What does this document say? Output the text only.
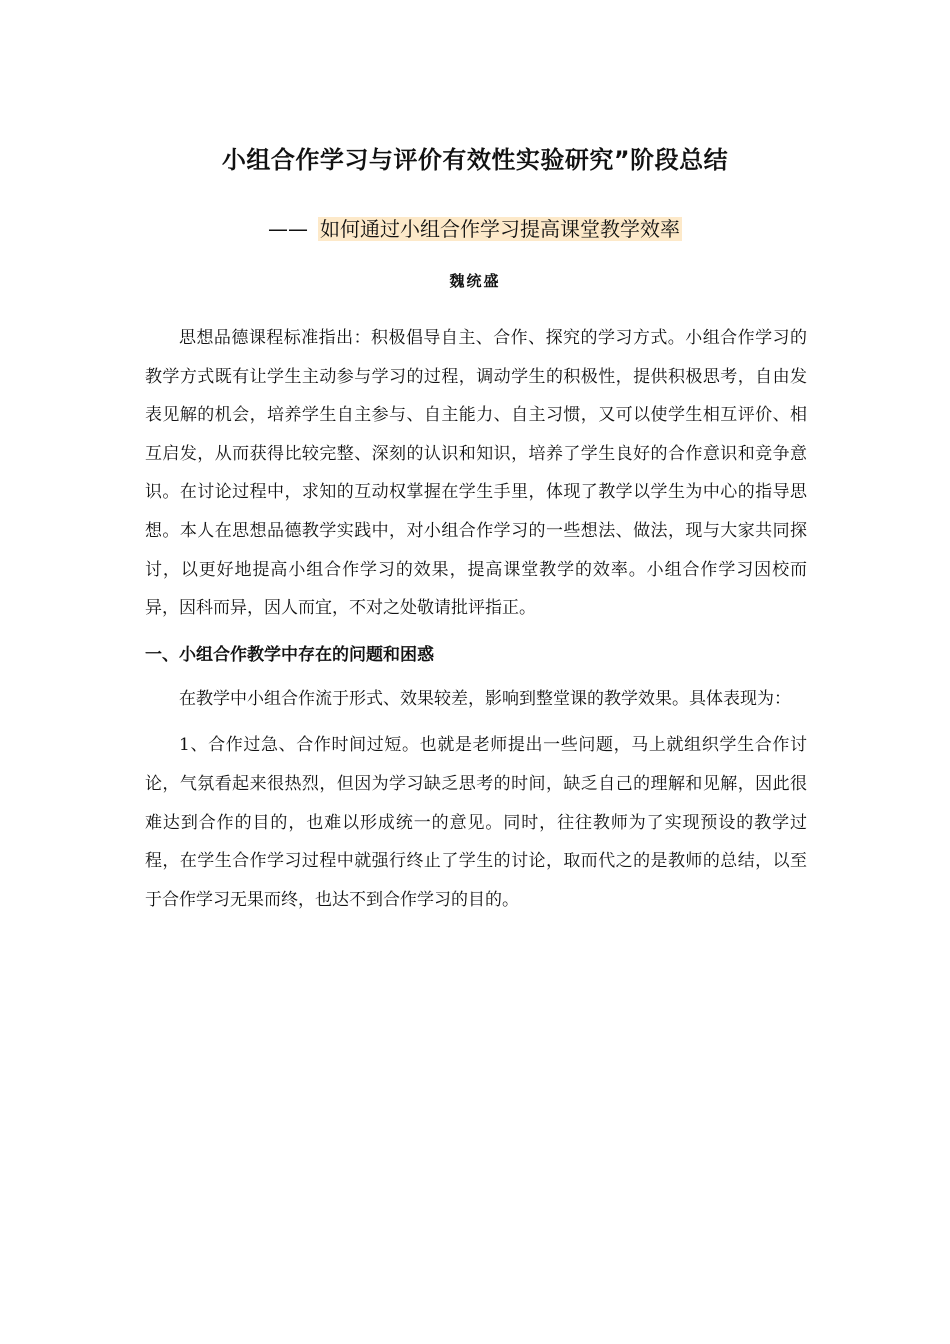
小组合作学习与评价有效性实验研究”阶段总结
—— 如何通过小组合作学习提高课堂教学效率
魏统盛

思想品德课程标准指出：积极倡导自主、合作、探究的学习方式。小组合作学习的教学方式既有让学生主动参与学习的过程，调动学生的积极性，提供积极思考，自由发表见解的机会，培养学生自主参与、自主能力、自主习惯，又可以使学生相互评价、相互启发，从而获得比较完整、深刻的认识和知识，培养了学生良好的合作意识和竞争意识。在讨论过程中，求知的互动权掌握在学生手里，体现了教学以学生为中心的指导思想。本人在思想品德教学实践中，对小组合作学习的一些想法、做法，现与大家共同探讨，以更好地提高小组合作学习的效果，提高课堂教学的效率。小组合作学习因校而异，因科而异，因人而宜，不对之处敬请批评指正。

一、小组合作教学中存在的问题和困惑

在教学中小组合作流于形式、效果较差，影响到整堂课的教学效果。具体表现为：

1、合作过急、合作时间过短。也就是老师提出一些问题，马上就组织学生合作讨论，气氛看起来很热烈，但因为学习缺乏思考的时间，缺乏自己的理解和见解，因此很难达到合作的目的，也难以形成统一的意见。同时，往往教师为了实现预设的教学过程，在学生合作学习过程中就强行终止了学生的讨论，取而代之的是教师的总结，以至于合作学习无果而终，也达不到合作学习的目的。
